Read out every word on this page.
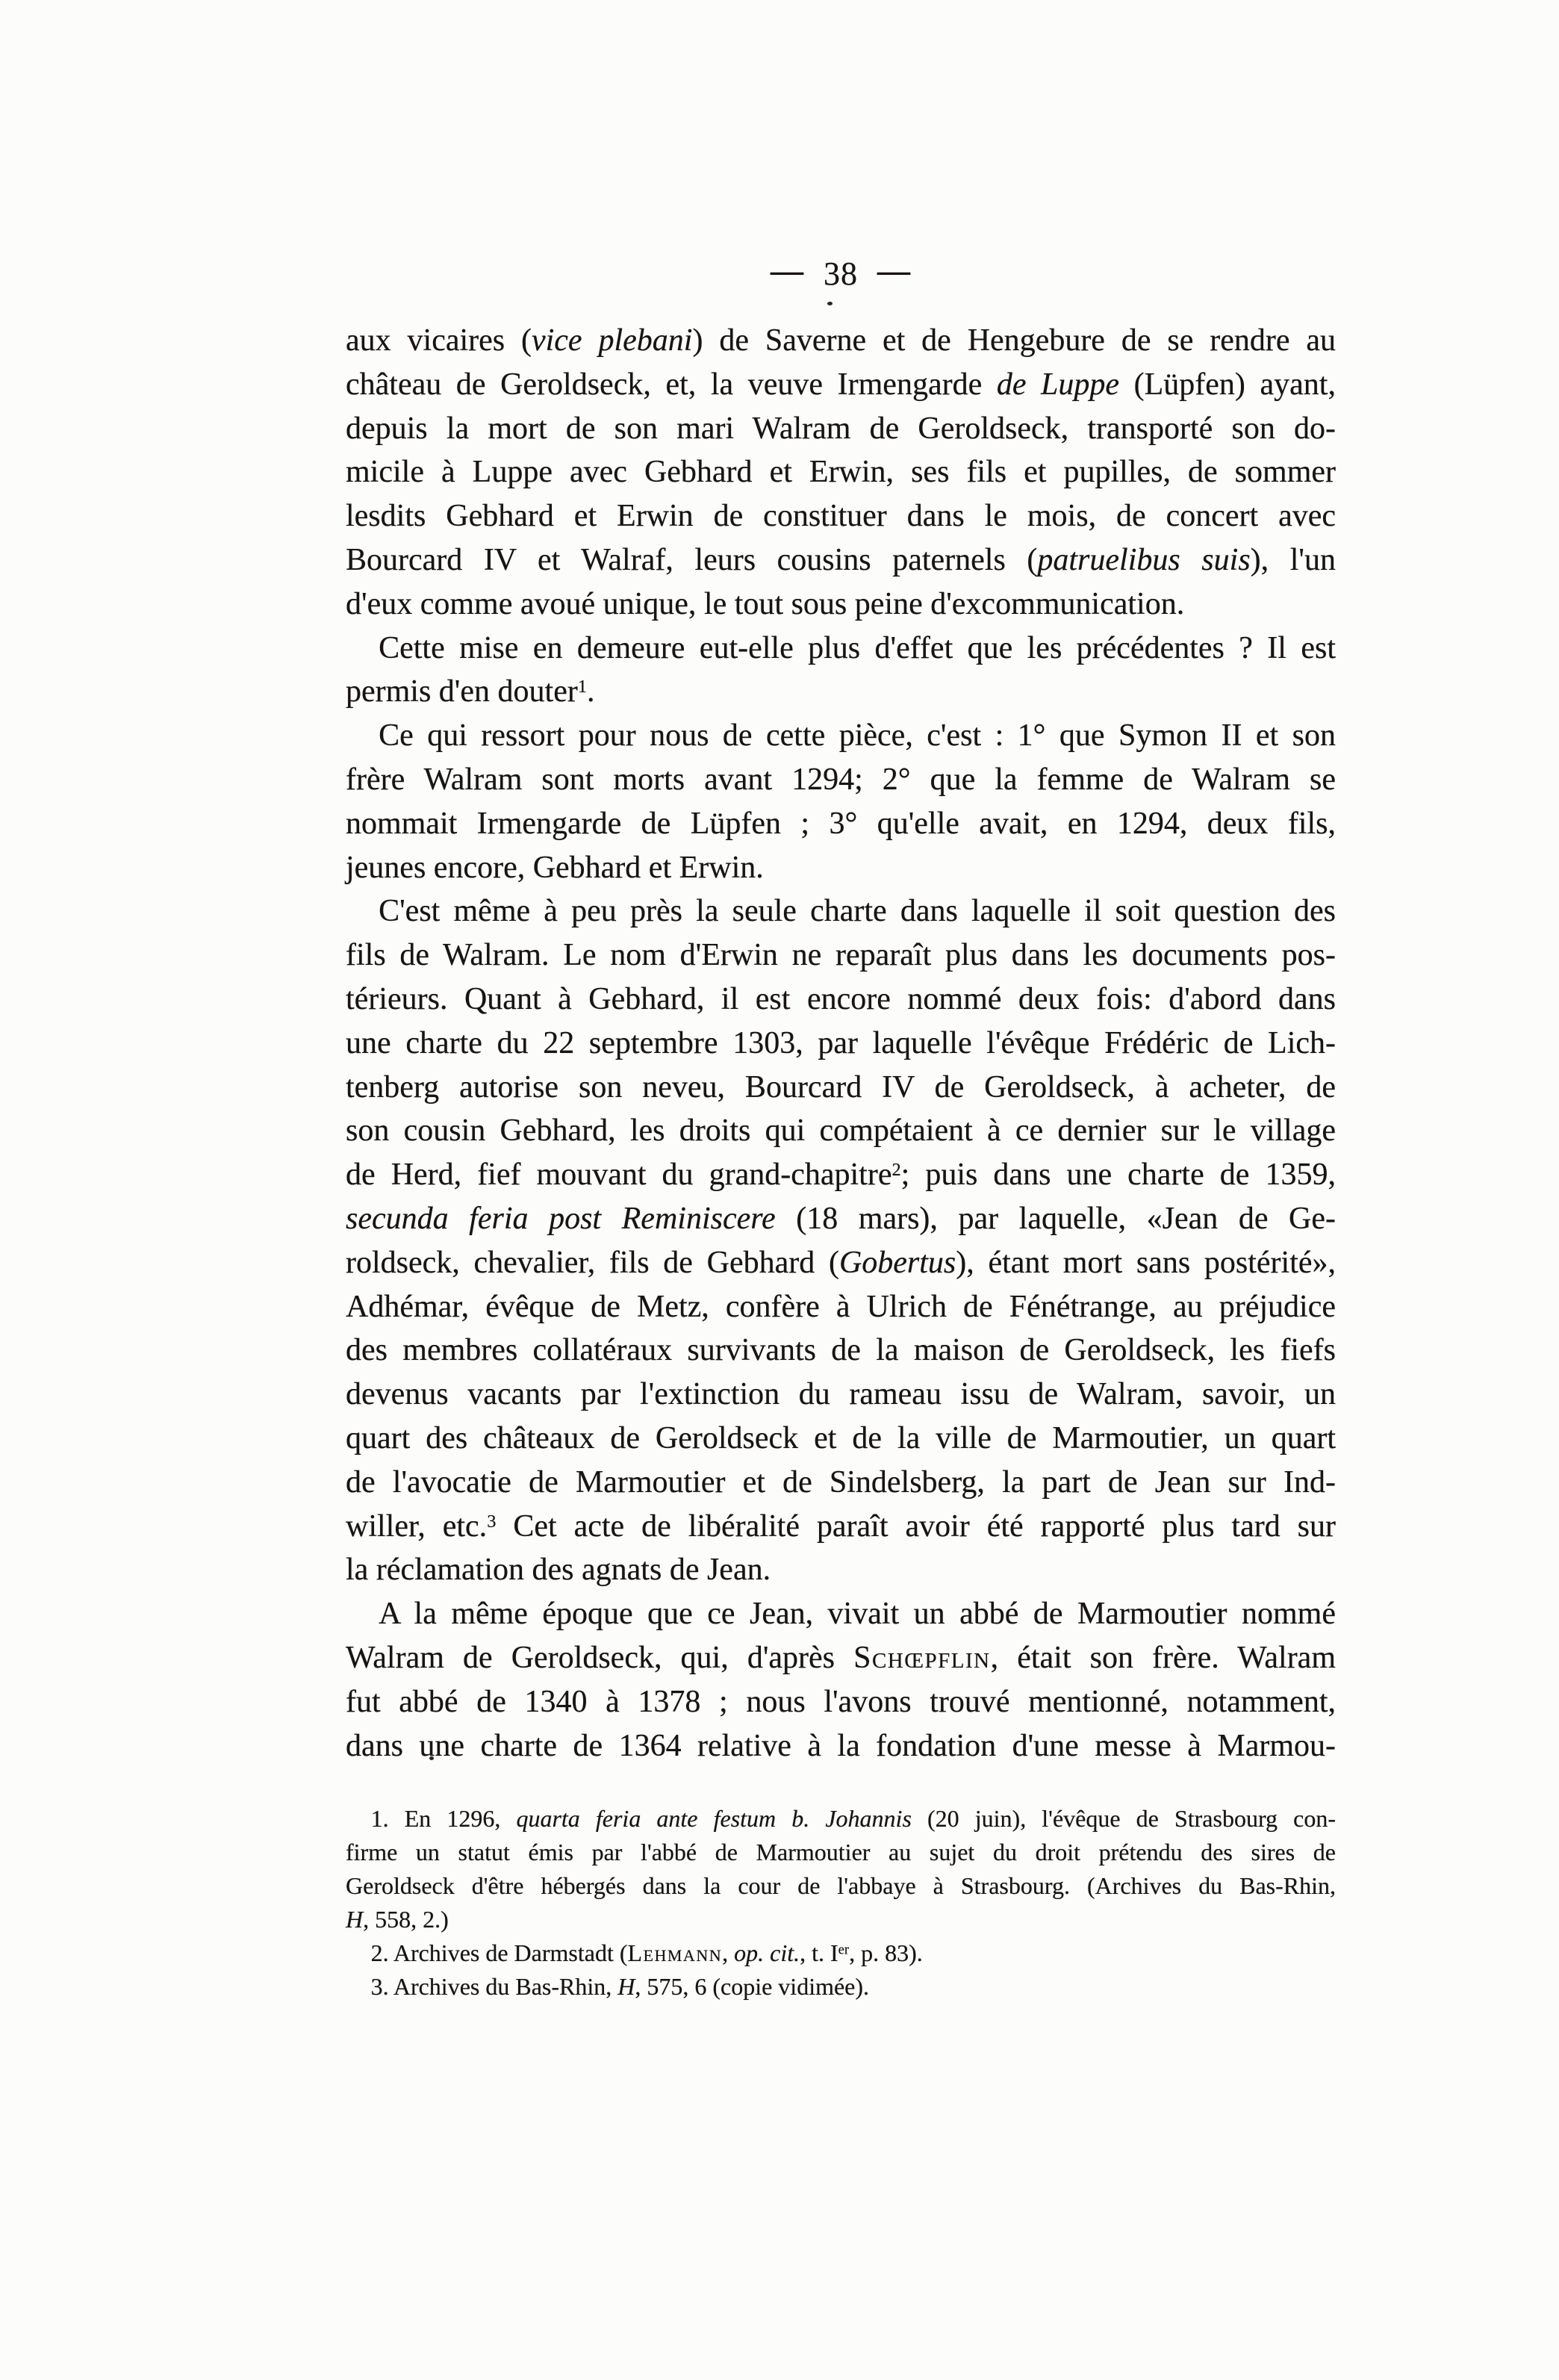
— 38 —
aux vicaires (vice plebani) de Saverne et de Hengebure de se rendre au
château de Geroldseck, et, la veuve Irmengarde de Luppe (Lüpfen) ayant,
depuis la mort de son mari Walram de Geroldseck, transporté son do-
micile à Luppe avec Gebhard et Erwin, ses fils et pupilles, de sommer
lesdits Gebhard et Erwin de constituer dans le mois, de concert avec
Bourcard IV et Walraf, leurs cousins paternels (patruelibus suis), l'un
d'eux comme avoué unique, le tout sous peine d'excommunication.
Cette mise en demeure eut-elle plus d'effet que les précédentes ? Il est
permis d'en douter$^1$.
Ce qui ressort pour nous de cette pièce, c'est : 1° que Symon II et son
frère Walram sont morts avant 1294; 2° que la femme de Walram se
nommait Irmengarde de Lüpfen ; 3° qu'elle avait, en 1294, deux fils,
jeunes encore, Gebhard et Erwin.
C'est même à peu près la seule charte dans laquelle il soit question des
fils de Walram. Le nom d'Erwin ne reparaît plus dans les documents pos-
térieurs. Quant à Gebhard, il est encore nommé deux fois: d'abord dans
une charte du 22 septembre 1303, par laquelle l'évêque Frédéric de Lich-
tenberg autorise son neveu, Bourcard IV de Geroldseck, à acheter, de
son cousin Gebhard, les droits qui compétaient à ce dernier sur le village
de Herd, fief mouvant du grand-chapitre$^2$; puis dans une charte de 1359,
secunda feria post Reminiscere (18 mars), par laquelle, «Jean de Ge-
roldseck, chevalier, fils de Gebhard (Gobertus), étant mort sans postérité»,
Adhémar, évêque de Metz, confère à Ulrich de Fénétrange, au préjudice
des membres collatéraux survivants de la maison de Geroldseck, les fiefs
devenus vacants par l'extinction du rameau issu de Walram, savoir, un
quart des châteaux de Geroldseck et de la ville de Marmoutier, un quart
de l'avocatie de Marmoutier et de Sindelsberg, la part de Jean sur Ind-
willer, etc.$^3$ Cet acte de libéralité paraît avoir été rapporté plus tard sur
la réclamation des agnats de Jean.
A la même époque que ce Jean, vivait un abbé de Marmoutier nommé
Walram de Geroldseck, qui, d'après Schœpflin, était son frère. Walram
fut abbé de 1340 à 1378 ; nous l'avons trouvé mentionné, notamment,
dans une charte de 1364 relative à la fondation d'une messe à Marmou-
1. En 1296, quarta feria ante festum b. Johannis (20 juin), l'évêque de Strasbourg con-
firme un statut émis par l'abbé de Marmoutier au sujet du droit prétendu des sires de
Geroldseck d'être hébergés dans la cour de l'abbaye à Strasbourg. (Archives du Bas-Rhin,
H, 558, 2.)
2. Archives de Darmstadt (Lehmann, op. cit., t. Ier, p. 83).
3. Archives du Bas-Rhin, H, 575, 6 (copie vidimée).
